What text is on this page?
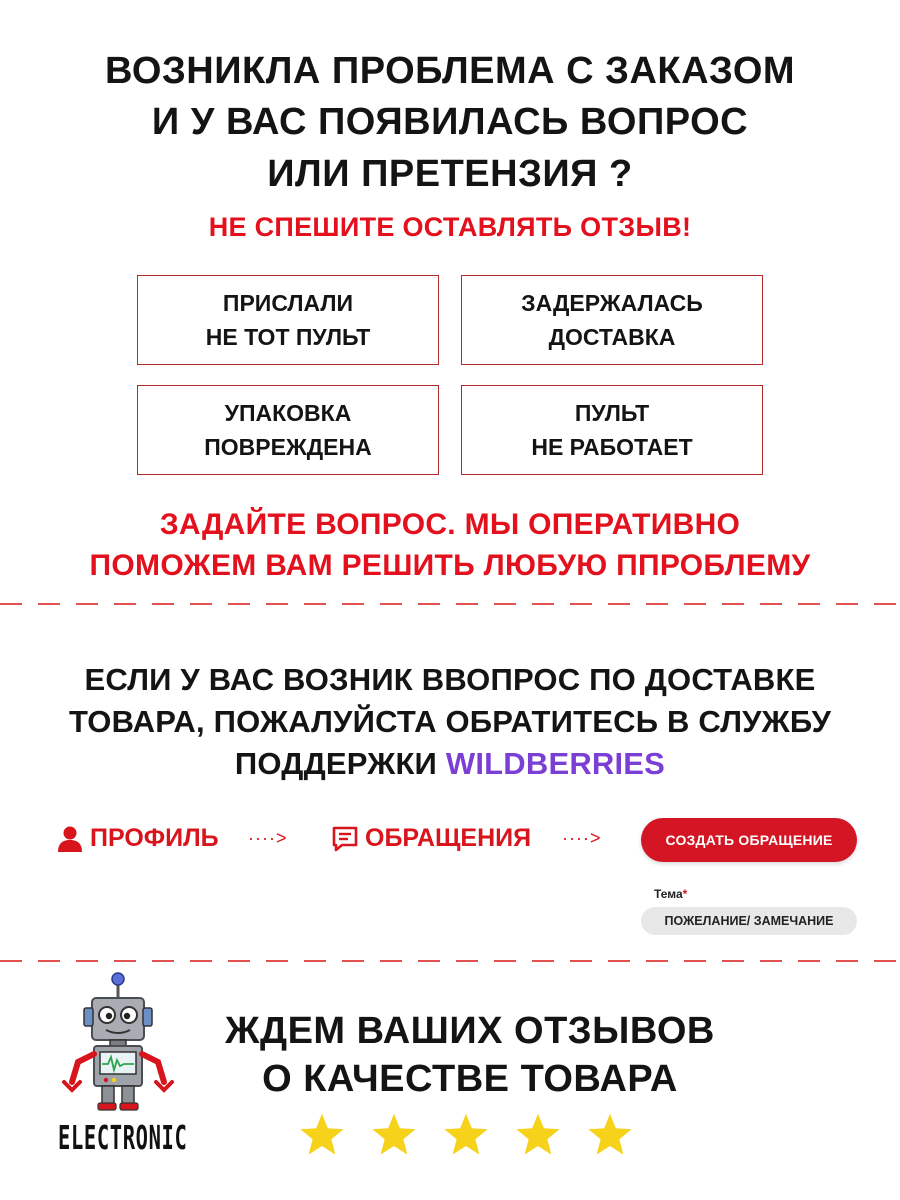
ВОЗНИКЛА ПРОБЛЕМА С ЗАКАЗОМ
И У ВАС ПОЯВИЛАСЬ ВОПРОС
ИЛИ ПРЕТЕНЗИЯ ?
НЕ СПЕШИТЕ ОСТАВЛЯТЬ ОТЗЫВ!
ПРИСЛАЛИ
НЕ ТОТ ПУЛЬТ
ЗАДЕРЖАЛАСЬ
ДОСТАВКА
УПАКОВКА
ПОВРЕЖДЕНА
ПУЛЬТ
НЕ РАБОТАЕТ
ЗАДАЙТЕ ВОПРОС. МЫ ОПЕРАТИВНО
ПОМОЖЕМ ВАМ РЕШИТЬ ЛЮБУЮ ППРОБЛЕМУ
ЕСЛИ У ВАС ВОЗНИК ВВОПРОС ПО ДОСТАВКЕ
ТОВАРА, ПОЖАЛУЙСТА ОБРАТИТЕСЬ В СЛУЖБУ
ПОДДЕРЖКИ WILDBERRIES
ПРОФИЛЬ ····>	ОБРАЩЕНИЯ ····>	СОЗДАТЬ ОБРАЩЕНИЕ
Тема*
ПОЖЕЛАНИЕ/ ЗАМЕЧАНИЕ
ELECTRONIC
ЖДЕМ ВАШИХ ОТЗЫВОВ
О КАЧЕСТВЕ ТОВАРА
